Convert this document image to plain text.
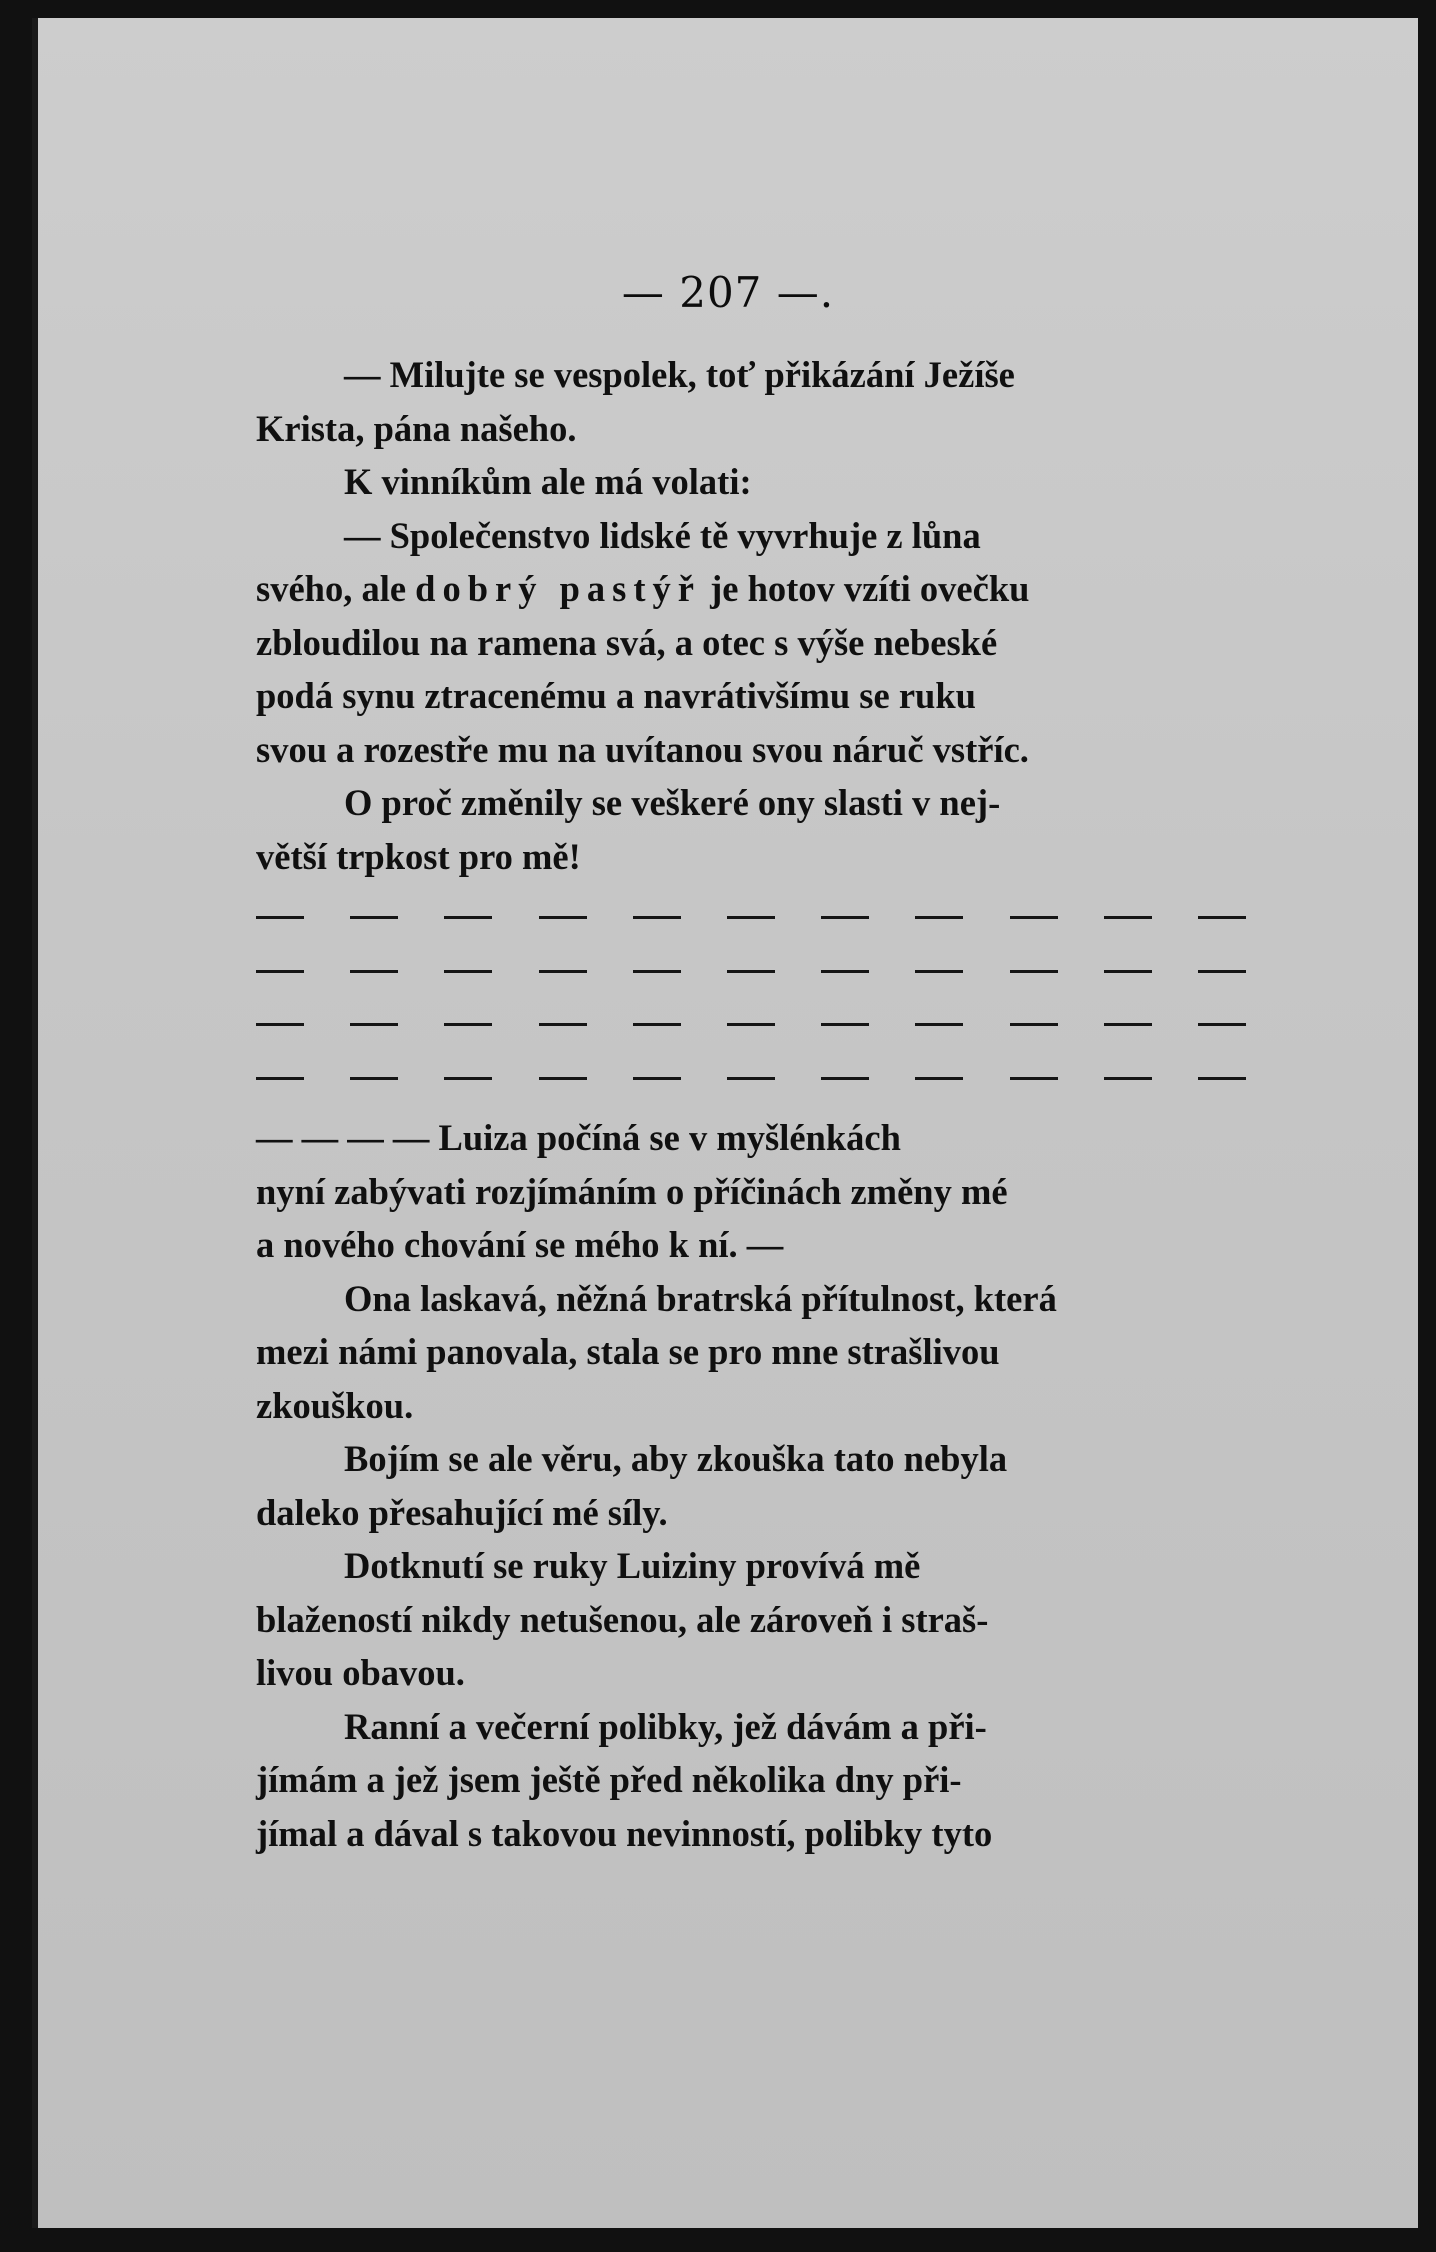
— 207 —.

— Milujte se vespolek, toť přikázání Ježíše

Krista, pána našeho.

K vinníkům ale má volati:

— Společenstvo lidské tě vyvrhuje z lůna

svého, ale dobrý pastýř je hotov vzíti ovečku

zbloudilou na ramena svá, a otec s výše nebeské

podá synu ztracenému a navrátivšímu se ruku

svou a rozestře mu na uvítanou svou náruč vstříc.

O proč změnily se veškeré ony slasti v nej-

větší trpkost pro mě!

— — — — Luiza počíná se v myšlénkách

nyní zabývati rozjímáním o příčinách změny mé

a nového chování se mého k ní. —

Ona laskavá, něžná bratrská přítulnost, která

mezi námi panovala, stala se pro mne strašlivou

zkouškou.

Bojím se ale věru, aby zkouška tato nebyla

daleko přesahující mé síly.

Dotknutí se ruky Luiziny provívá mě

blažeností nikdy netušenou, ale zároveň i straš-

livou obavou.

Ranní a večerní polibky, jež dávám a při-

jímám a jež jsem ještě před několika dny při-

jímal a dával s takovou nevinností, polibky tyto
